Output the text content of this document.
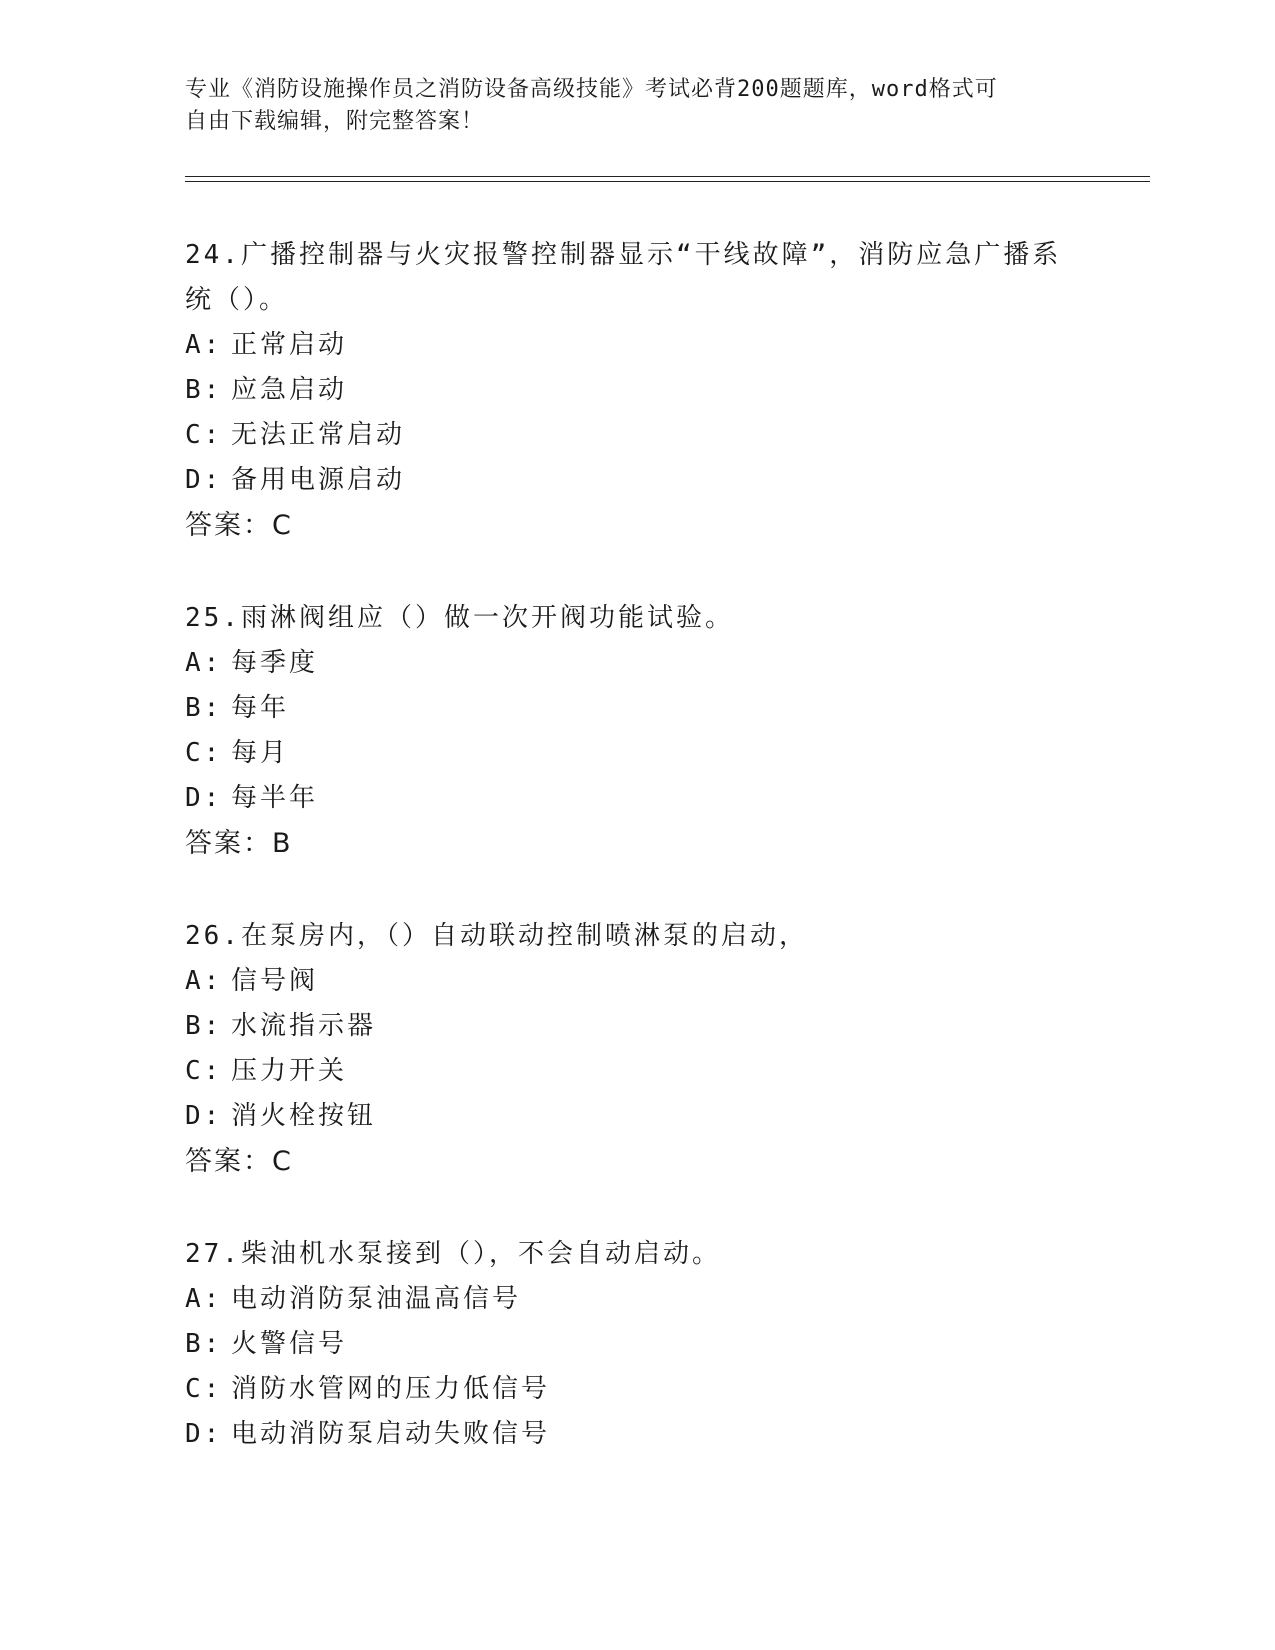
专业《消防设施操作员之消防设备高级技能》考试必背200题题库，word格式可
自由下载编辑，附完整答案！
24.广播控制器与火灾报警控制器显示“干线故障”，消防应急广播系
统（）。
A: 正常启动
B: 应急启动
C: 无法正常启动
D: 备用电源启动
答案：C
25.雨淋阀组应（）做一次开阀功能试验。
A: 每季度
B: 每年
C: 每月
D: 每半年
答案：B
26.在泵房内，（）自动联动控制喷淋泵的启动，
A: 信号阀
B: 水流指示器
C: 压力开关
D: 消火栓按钮
答案：C
27.柴油机水泵接到（），不会自动启动。
A: 电动消防泵油温高信号
B: 火警信号
C: 消防水管网的压力低信号
D: 电动消防泵启动失败信号
